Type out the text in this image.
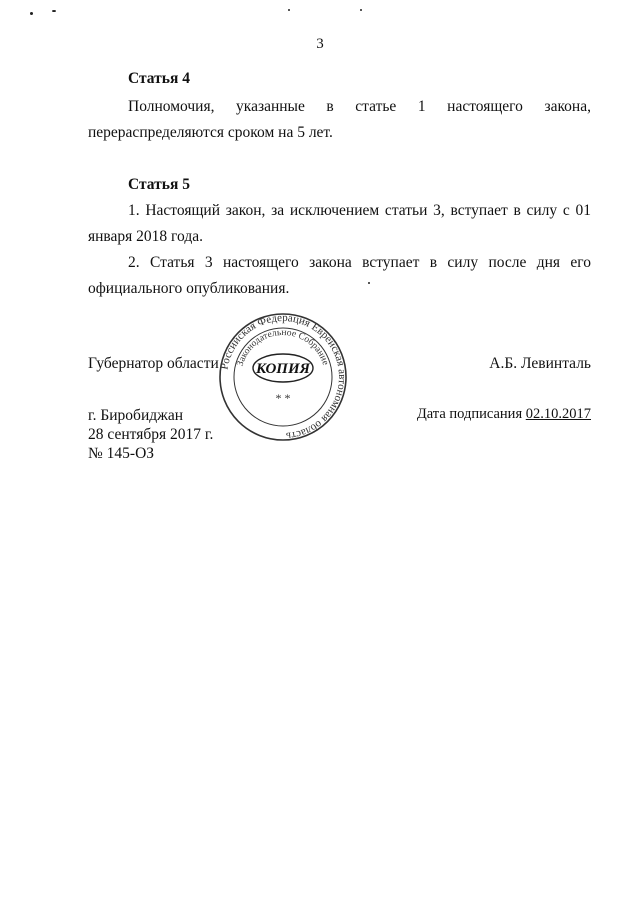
3
Статья 4
Полномочия, указанные в статье 1 настоящего закона, перераспределяются сроком на 5 лет.
Статья 5
1. Настоящий закон, за исключением статьи 3, вступает в силу с 01 января 2018 года.
2. Статья 3 настоящего закона вступает в силу после дня его официального опубликования.
Губернатор области	А.Б. Левинталь
Российская Федерация Еврейская автономная область
Законодательное Собрание
КОПИЯ
* *
г. Биробиджан
28 сентября 2017 г.
№ 145-ОЗ
Дата подписания 02.10.2017
